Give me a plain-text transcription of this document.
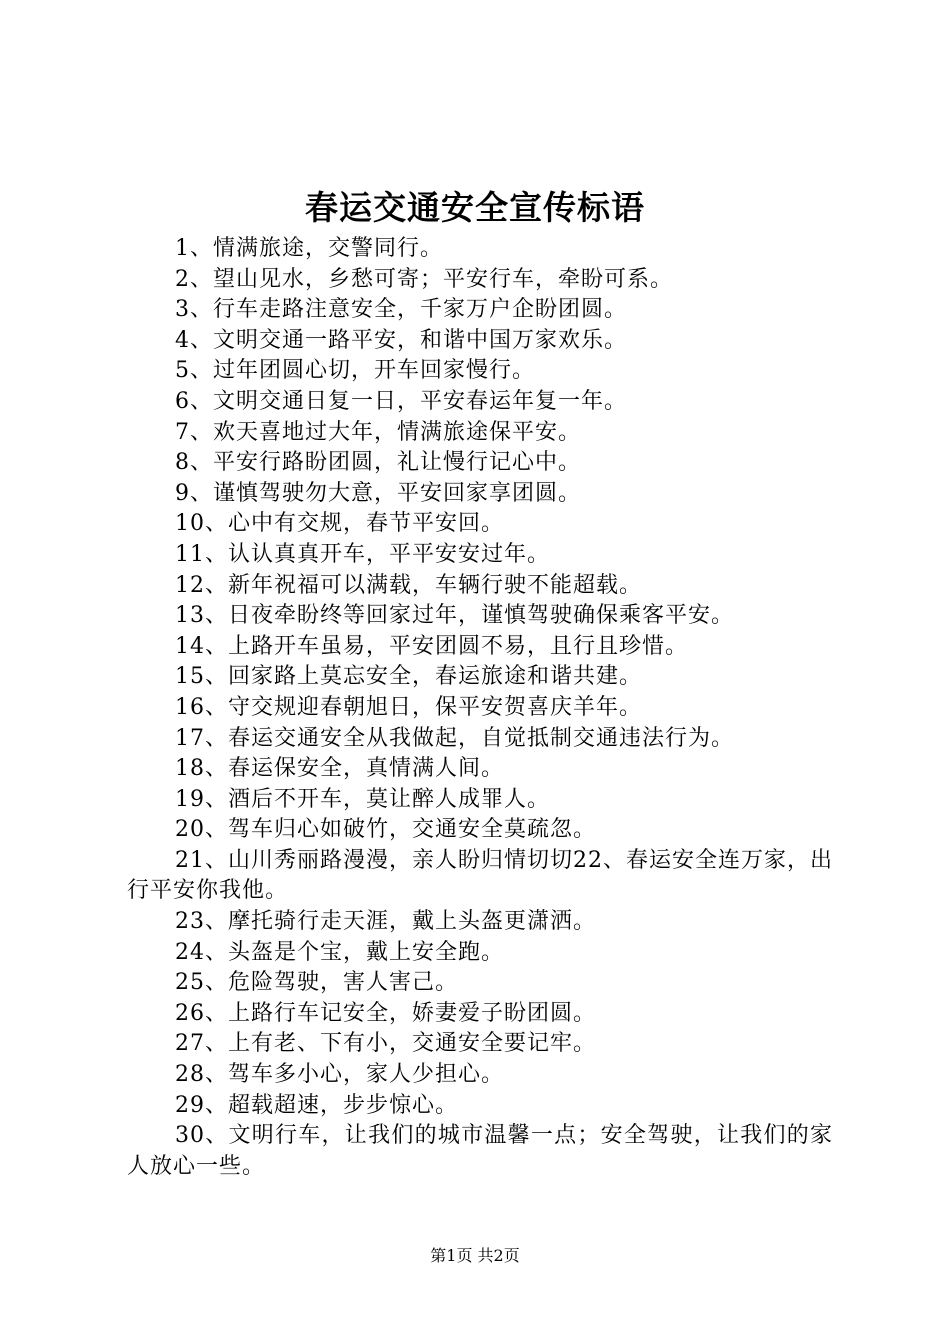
春运交通安全宣传标语
1、情满旅途，交警同行。
2、望山见水，乡愁可寄；平安行车，牵盼可系。
3、行车走路注意安全，千家万户企盼团圆。
4、文明交通一路平安，和谐中国万家欢乐。
5、过年团圆心切，开车回家慢行。
6、文明交通日复一日，平安春运年复一年。
7、欢天喜地过大年，情满旅途保平安。
8、平安行路盼团圆，礼让慢行记心中。
9、谨慎驾驶勿大意，平安回家享团圆。
10、心中有交规，春节平安回。
11、认认真真开车，平平安安过年。
12、新年祝福可以满载，车辆行驶不能超载。
13、日夜牵盼终等回家过年，谨慎驾驶确保乘客平安。
14、上路开车虽易，平安团圆不易，且行且珍惜。
15、回家路上莫忘安全，春运旅途和谐共建。
16、守交规迎春朝旭日，保平安贺喜庆羊年。
17、春运交通安全从我做起，自觉抵制交通违法行为。
18、春运保安全，真情满人间。
19、酒后不开车，莫让醉人成罪人。
20、驾车归心如破竹，交通安全莫疏忽。
21、山川秀丽路漫漫，亲人盼归情切切22、春运安全连万家，出行平安你我他。
23、摩托骑行走天涯，戴上头盔更潇洒。
24、头盔是个宝，戴上安全跑。
25、危险驾驶，害人害己。
26、上路行车记安全，娇妻爱子盼团圆。
27、上有老、下有小，交通安全要记牢。
28、驾车多小心，家人少担心。
29、超载超速，步步惊心。
30、文明行车，让我们的城市温馨一点；安全驾驶，让我们的家人放心一些。
第1页 共2页
